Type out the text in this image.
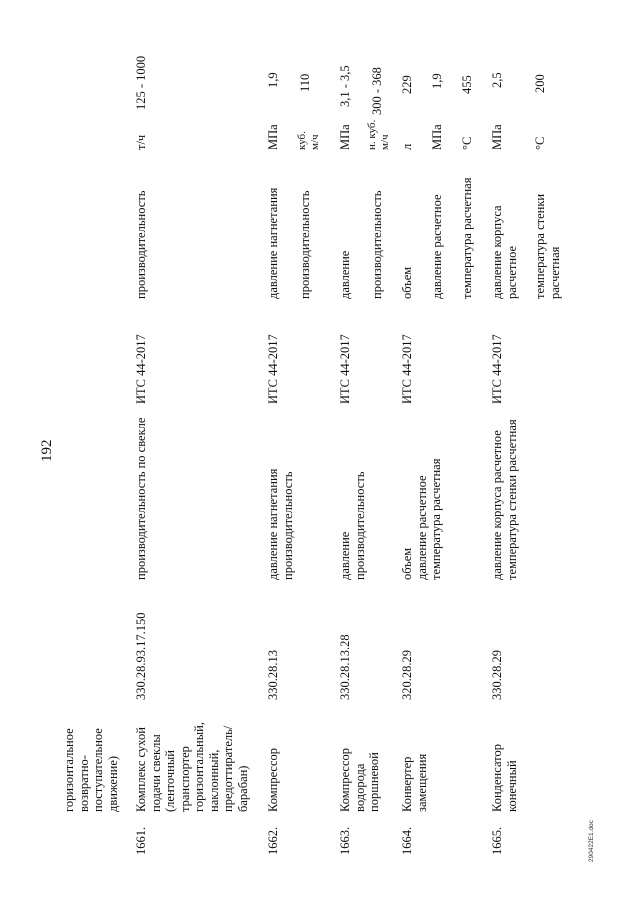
192
горизонтальное возвратно- поступательное движение)
1661.
Комплекс сухой подачи свеклы (ленточный транспортер горизонтальный, наклонный, предоттиратель/ барабан)
330.28.93.17.150
производительность по свекле
ИТС 44-2017
производительность
т/ч
125 - 1000
1662.
Компрессор
330.28.13
давление нагнетания производительность
ИТС 44-2017
давление нагнетания
МПа
1,9
производительность
куб. м/ч
110
1663.
Компрессор водорода поршневой
330.28.13.28
давление производительность
ИТС 44-2017
давление
МПа
3,1 - 3,5
производительность
н. куб. м/ч
300 - 368
1664.
Конвертер замещения
320.28.29
объем давление расчетное температура расчетная
ИТС 44-2017
объем
л
229
давление расчетное
МПа
1,9
температура расчетная
°С
455
1665.
Конденсатор конечный
330.28.29
давление корпуса расчетное температура стенки расчетная
ИТС 44-2017
давление корпуса расчетное
МПа
2,5
температура стенки расчетная
°С
200
290422E1.doc
